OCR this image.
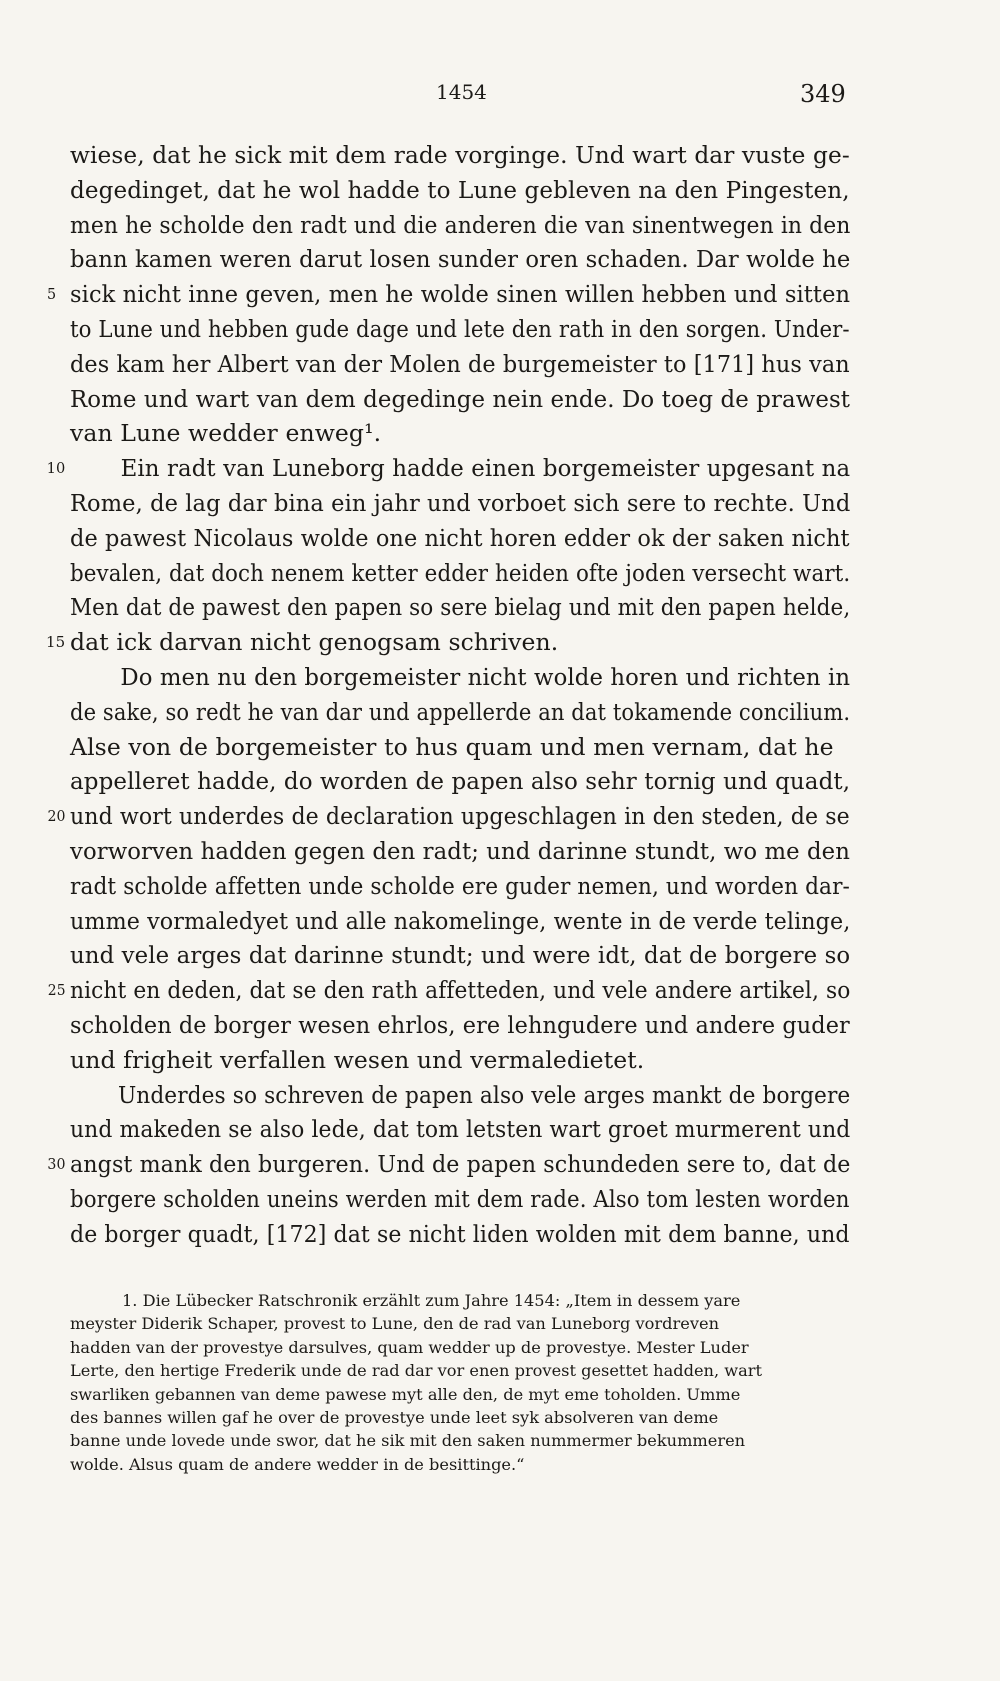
1454	349
wiese, dat he sick mit dem rade vorginge. Und wart dar vuste ge-
degedinget, dat he wol hadde to Lune gebleven na den Pingesten,
men he scholde den radt und die anderen die van sinentwegen in den
bann kamen weren darut losen sunder oren schaden. Dar wolde he
5 sick nicht inne geven, men he wolde sinen willen hebben und sitten
to Lune und hebben gude dage und lete den rath in den sorgen. Under-
des kam her Albert van der Molen de burgemeister to [171] hus van
Rome und wart van dem degedinge nein ende. Do toeg de prawest
van Lune wedder enweg¹.
10 Ein radt van Luneborg hadde einen borgemeister upgesant na
Rome, de lag dar bina ein jahr und vorboet sich sere to rechte. Und
de pawest Nicolaus wolde one nicht horen edder ok der saken nicht
bevalen, dat doch nenem ketter edder heiden ofte joden versecht wart.
Men dat de pawest den papen so sere bielag und mit den papen helde,
15 dat ick darvan nicht genogsam schriven.
Do men nu den borgemeister nicht wolde horen und richten in
de sake, so redt he van dar und appellerde an dat tokamende concilium.
Alse von de borgemeister to hus quam und men vernam, dat he
appelleret hadde, do worden de papen also sehr tornig und quadt,
20 und wort underdes de declaration upgeschlagen in den steden, de se
vorworven hadden gegen den radt; und darinne stundt, wo me den
radt scholde affetten unde scholde ere guder nemen, und worden dar-
umme vormaledyet und alle nakomelinge, wente in de verde telinge,
und vele arges dat darinne stundt; und were idt, dat de borgere so
25 nicht en deden, dat se den rath affetteden, und vele andere artikel, so
scholden de borger wesen ehrlos, ere lehngudere und andere guder
und frigheit verfallen wesen und vermaledietet.
Underdes so schreven de papen also vele arges mankt de borgere
und makeden se also lede, dat tom letsten wart groet murmerent und
30 angst mank den burgeren. Und de papen schundeden sere to, dat de
borgere scholden uneins werden mit dem rade. Also tom lesten worden
de borger quadt, [172] dat se nicht liden wolden mit dem banne, und
1. Die Lübecker Ratschronik erzählt zum Jahre 1454: „Item in dessem yare
meyster Diderik Schaper, provest to Lune, den de rad van Luneborg vordreven
hadden van der provestye darsulves, quam wedder up de provestye. Mester Luder
Lerte, den hertige Frederik unde de rad dar vor enen provest gesettet hadden, wart
swarliken gebannen van deme pawese myt alle den, de myt eme toholden. Umme
des bannes willen gaf he over de provestye unde leet syk absolveren van deme
banne unde lovede unde swor, dat he sik mit den saken nummermer bekummeren
wolde. Alsus quam de andere wedder in de besittinge.“
